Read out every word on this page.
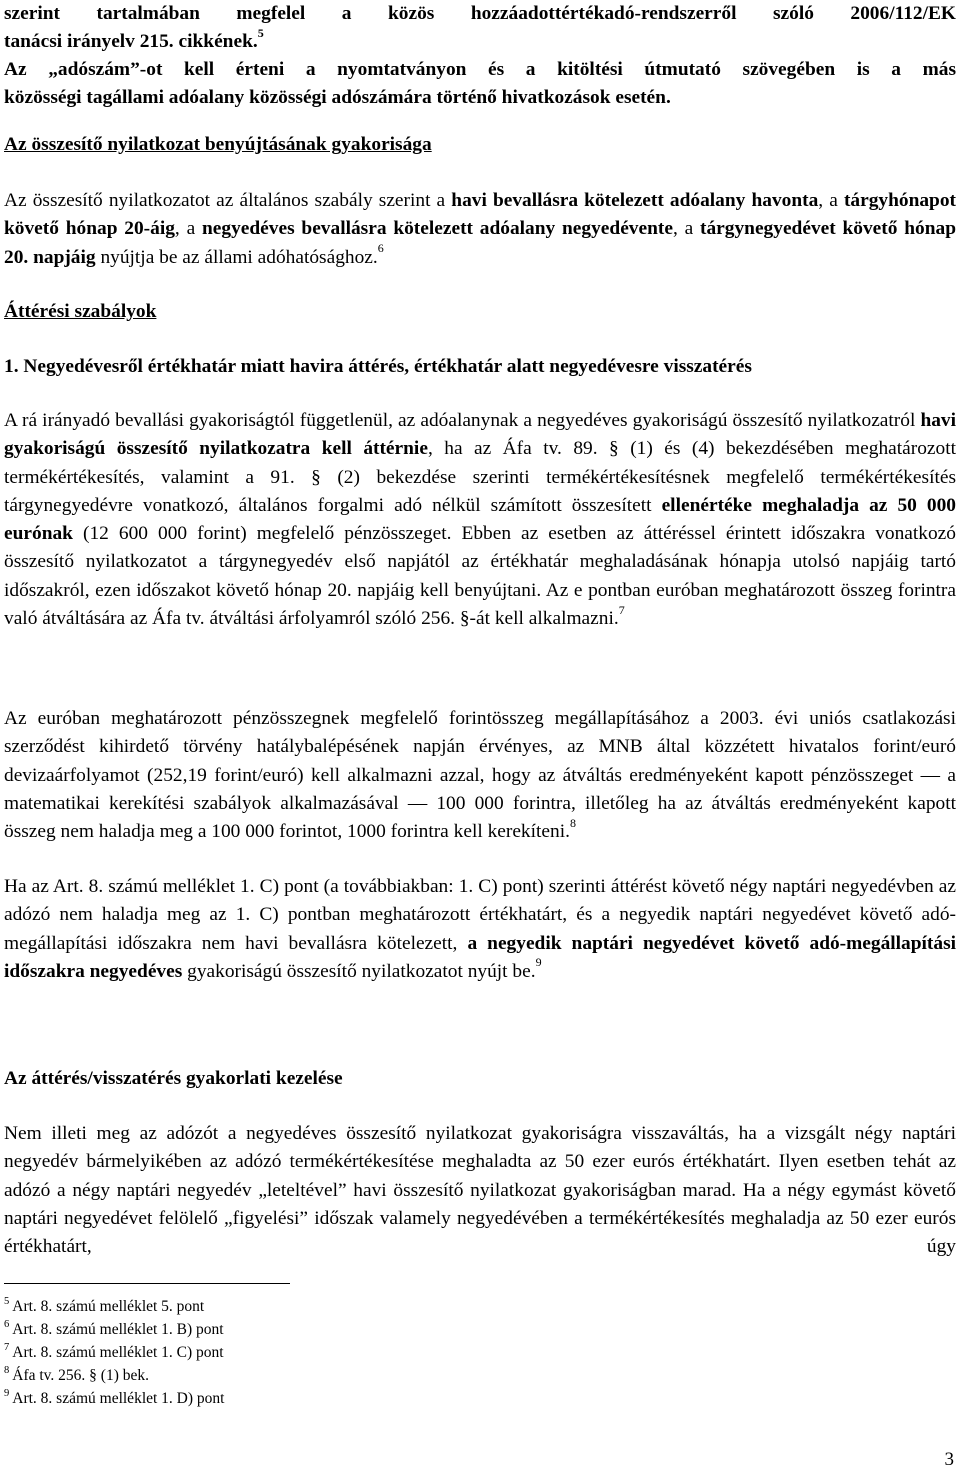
szerint tartalmában megfelel a közös hozzáadottértékadó-rendszerről szóló 2006/112/EK

tanácsi irányelv 215. cikkének.$^5$

Az „adószám”-ot kell érteni a nyomtatványon és a kitöltési útmutató szövegében is a más

közösségi tagállami adóalany közösségi adószámára történő hivatkozások esetén.

Az összesítő nyilatkozat benyújtásának gyakorisága

Az összesítő nyilatkozatot az általános szabály szerint a havi bevallásra kötelezett adóalany havonta, a tárgyhónapot követő hónap 20-áig, a negyedéves bevallásra kötelezett adóalany negyedévente, a tárgynegyedévet követő hónap 20. napjáig nyújtja be az állami adóhatósághoz.$^6$

Áttérési szabályok

1. Negyedévesről értékhatár miatt havira áttérés, értékhatár alatt negyedévesre visszatérés

A rá irányadó bevallási gyakoriságtól függetlenül, az adóalanynak a negyedéves gyakoriságú összesítő nyilatkozatról havi gyakoriságú összesítő nyilatkozatra kell áttérnie, ha az Áfa tv. 89. § (1) és (4) bekezdésében meghatározott termékértékesítés, valamint a 91. § (2) bekezdése szerinti termékértékesítésnek megfelelő termékértékesítés tárgynegyedévre vonatkozó, általános forgalmi adó nélkül számított összesített ellenértéke meghaladja az 50 000 eurónak (12 600 000 forint) megfelelő pénzösszeget. Ebben az esetben az áttéréssel érintett időszakra vonatkozó összesítő nyilatkozatot a tárgynegyedév első napjától az értékhatár meghaladásának hónapja utolsó napjáig tartó időszakról, ezen időszakot követő hónap 20. napjáig kell benyújtani. Az e pontban euróban meghatározott összeg forintra való átváltására az Áfa tv. átváltási árfolyamról szóló 256. §-át kell alkalmazni.$^7$

Az euróban meghatározott pénzösszegnek megfelelő forintösszeg megállapításához a 2003. évi uniós csatlakozási szerződést kihirdető törvény hatálybalépésének napján érvényes, az MNB által közzétett hivatalos forint/euró devizaárfolyamot (252,19 forint/euró) kell alkalmazni azzal, hogy az átváltás eredményeként kapott pénzösszeget — a matematikai kerekítési szabályok alkalmazásával — 100 000 forintra, illetőleg ha az átváltás eredményeként kapott összeg nem haladja meg a 100 000 forintot, 1000 forintra kell kerekíteni.$^8$

Ha az Art. 8. számú melléklet 1. C) pont (a továbbiakban: 1. C) pont) szerinti áttérést követő négy naptári negyedévben az adózó nem haladja meg az 1. C) pontban meghatározott értékhatárt, és a negyedik naptári negyedévet követő adó-megállapítási időszakra nem havi bevallásra kötelezett, a negyedik naptári negyedévet követő adó-megállapítási időszakra negyedéves gyakoriságú összesítő nyilatkozatot nyújt be.$^9$

Az áttérés/visszatérés gyakorlati kezelése

Nem illeti meg az adózót a negyedéves összesítő nyilatkozat gyakoriságra visszaváltás, ha a vizsgált négy naptári negyedév bármelyikében az adózó termékértékesítése meghaladta az 50 ezer eurós értékhatárt. Ilyen esetben tehát az adózó a négy naptári negyedév „leteltével” havi összesítő nyilatkozat gyakoriságban marad. Ha a négy egymást követő naptári negyedévet felölelő „figyelési” időszak valamely negyedévében a termékértékesítés meghaladja az 50 ezer eurós értékhatárt, úgy

$^5$ Art. 8. számú melléklet 5. pont
$^6$ Art. 8. számú melléklet 1. B) pont
$^7$ Art. 8. számú melléklet 1. C) pont
$^8$ Áfa tv. 256. § (1) bek.
$^9$ Art. 8. számú melléklet 1. D) pont
3
